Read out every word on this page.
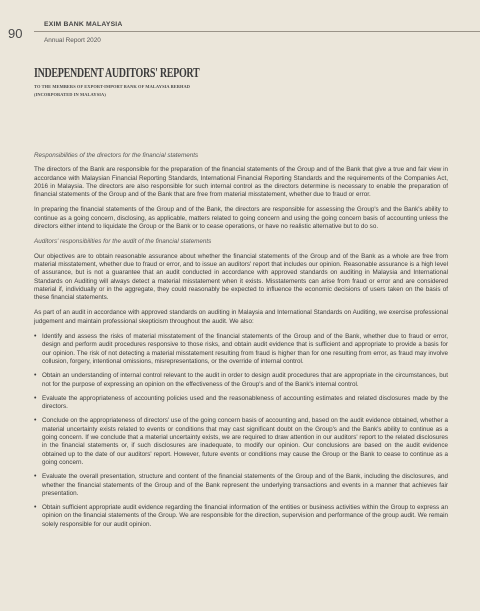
90
EXIM BANK MALAYSIA
Annual Report 2020
INDEPENDENT AUDITORS' REPORT
TO THE MEMBERS OF EXPORT-IMPORT BANK OF MALAYSIA BERHAD
(INCORPORATED IN MALAYSIA)
Responsibilities of the directors for the financial statements

The directors of the Bank are responsible for the preparation of the financial statements of the Group and of the Bank that give a true and fair view in accordance with Malaysian Financial Reporting Standards, International Financial Reporting Standards and the requirements of the Companies Act, 2016 in Malaysia. The directors are also responsible for such internal control as the directors determine is necessary to enable the preparation of financial statements of the Group and of the Bank that are free from material misstatement, whether due to fraud or error.

In preparing the financial statements of the Group and of the Bank, the directors are responsible for assessing the Group's and the Bank's ability to continue as a going concern, disclosing, as applicable, matters related to going concern and using the going concern basis of accounting unless the directors either intend to liquidate the Group or the Bank or to cease operations, or have no realistic alternative but to do so.

Auditors' responsibilities for the audit of the financial statements

Our objectives are to obtain reasonable assurance about whether the financial statements of the Group and of the Bank as a whole are free from material misstatement, whether due to fraud or error, and to issue an auditors' report that includes our opinion. Reasonable assurance is a high level of assurance, but is not a guarantee that an audit conducted in accordance with approved standards on auditing in Malaysia and International Standards on Auditing will always detect a material misstatement when it exists. Misstatements can arise from fraud or error and are considered material if, individually or in the aggregate, they could reasonably be expected to influence the economic decisions of users taken on the basis of these financial statements.

As part of an audit in accordance with approved standards on auditing in Malaysia and International Standards on Auditing, we exercise professional judgement and maintain professional skepticism throughout the audit. We also:

• Identify and assess the risks of material misstatement of the financial statements of the Group and of the Bank, whether due to fraud or error, design and perform audit procedures responsive to those risks, and obtain audit evidence that is sufficient and appropriate to provide a basis for our opinion. The risk of not detecting a material misstatement resulting from fraud is higher than for one resulting from error, as fraud may involve collusion, forgery, intentional omissions, misrepresentations, or the override of internal control.
• Obtain an understanding of internal control relevant to the audit in order to design audit procedures that are appropriate in the circumstances, but not for the purpose of expressing an opinion on the effectiveness of the Group's and of the Bank's internal control.
• Evaluate the appropriateness of accounting policies used and the reasonableness of accounting estimates and related disclosures made by the directors.
• Conclude on the appropriateness of directors' use of the going concern basis of accounting and, based on the audit evidence obtained, whether a material uncertainty exists related to events or conditions that may cast significant doubt on the Group's and the Bank's ability to continue as a going concern. If we conclude that a material uncertainty exists, we are required to draw attention in our auditors' report to the related disclosures in the financial statements or, if such disclosures are inadequate, to modify our opinion. Our conclusions are based on the audit evidence obtained up to the date of our auditors' report. However, future events or conditions may cause the Group or the Bank to cease to continue as a going concern.
• Evaluate the overall presentation, structure and content of the financial statements of the Group and of the Bank, including the disclosures, and whether the financial statements of the Group and of the Bank represent the underlying transactions and events in a manner that achieves fair presentation.
• Obtain sufficient appropriate audit evidence regarding the financial information of the entities or business activities within the Group to express an opinion on the financial statements of the Group. We are responsible for the direction, supervision and performance of the group audit. We remain solely responsible for our audit opinion.
